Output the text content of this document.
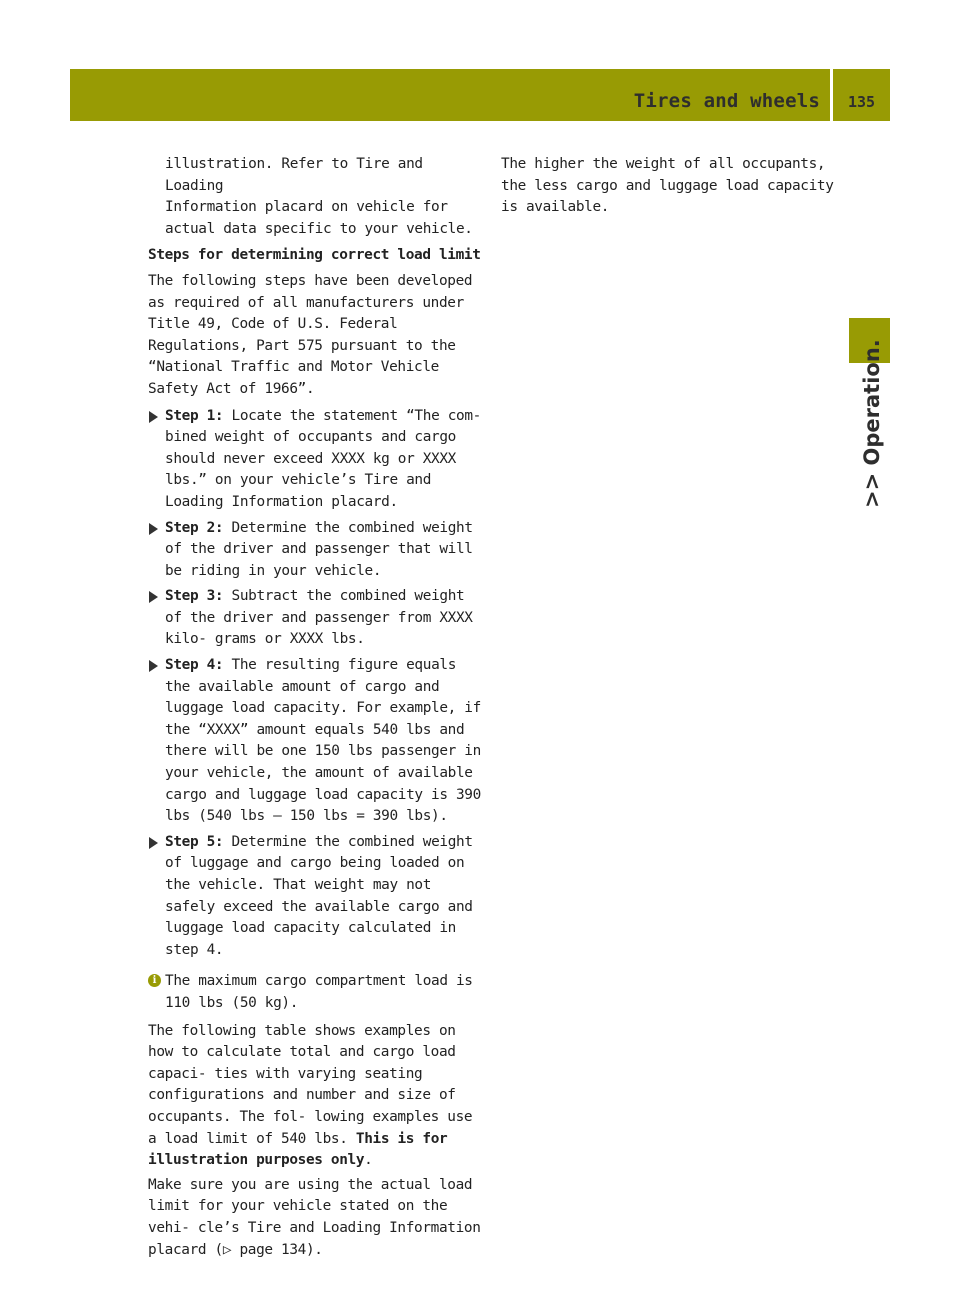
Tires and wheels 135
>> Operation.

illustration. Refer to Tire and Loading

Information placard on vehicle for

actual data specific to your vehicle.

Steps for determining correct load limit

The following steps have been developed as required of all manufacturers under Title 49, Code of U.S. Federal Regulations, Part 575 pursuant to the “National Traffic and Motor Vehicle Safety Act of 1966”.

Step 1: Locate the statement “The com- bined weight of occupants and cargo should never exceed XXXX kg or XXXX lbs.” on your vehicle’s Tire and Loading Information placard.

Step 2: Determine the combined weight of the driver and passenger that will be riding in your vehicle.

Step 3: Subtract the combined weight of the driver and passenger from XXXX kilo- grams or XXXX lbs.

Step 4: The resulting figure equals the available amount of cargo and luggage load capacity. For example, if the “XXXX” amount equals 540 lbs and there will be one 150 lbs passenger in your vehicle, the amount of available cargo and luggage load capacity is 390 lbs (540 lbs – 150 lbs = 390 lbs).

Step 5: Determine the combined weight of luggage and cargo being loaded on the vehicle. That weight may not safely exceed the available cargo and luggage load capacity calculated in step 4.

i The maximum cargo compartment load is 110 lbs (50 kg).

The following table shows examples on how to calculate total and cargo load capaci- ties with varying seating configurations and number and size of occupants. The fol- lowing examples use a load limit of 540 lbs. This is for illustration purposes only.

Make sure you are using the actual load limit for your vehicle stated on the vehi- cle’s Tire and Loading Information placard (▷ page 134).

The higher the weight of all occupants, the less cargo and luggage load capacity is available.
